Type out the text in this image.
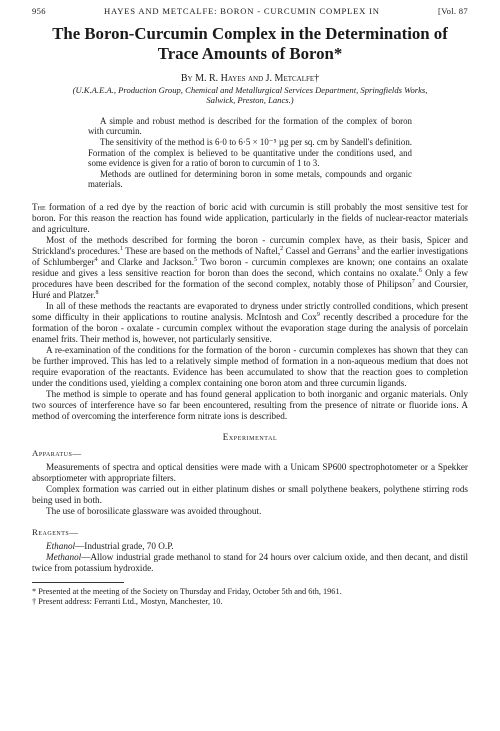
956	HAYES AND METCALFE: BORON - CURCUMIN COMPLEX IN	[Vol. 87
The Boron-Curcumin Complex in the Determination of
Trace Amounts of Boron*
By M. R. Hayes and J. Metcalfe†
(U.K.A.E.A., Production Group, Chemical and Metallurgical Services Department, Springfields Works,
Salwick, Preston, Lancs.)

A simple and robust method is described for the formation of the complex of boron with curcumin.

The sensitivity of the method is 6·0 to 6·5 × 10⁻⁵ µg per sq. cm by Sandell's definition. Formation of the complex is believed to be quantitative under the conditions used, and some evidence is given for a ratio of boron to curcumin of 1 to 3.

Methods are outlined for determining boron in some metals, compounds and organic materials.

The formation of a red dye by the reaction of boric acid with curcumin is still probably the most sensitive test for boron. For this reason the reaction has found wide application, particularly in the fields of nuclear-reactor materials and agriculture.

Most of the methods described for forming the boron - curcumin complex have, as their basis, Spicer and Strickland's procedures.$^1$ These are based on the methods of Naftel,$^2$ Cassel and Gerrans$^3$ and the earlier investigations of Schlumberger$^4$ and Clarke and Jackson.$^5$ Two boron - curcumin complexes are known; one contains an oxalate residue and gives a less sensitive reaction for boron than does the second, which contains no oxalate.$^6$ Only a few procedures have been described for the formation of the second complex, notably those of Philipson$^7$ and Coursier, Huré and Platzer.$^8$

In all of these methods the reactants are evaporated to dryness under strictly controlled conditions, which present some difficulty in their applications to routine analysis. McIntosh and Cox$^9$ recently described a procedure for the formation of the boron - oxalate - curcumin complex without the evaporation stage during the analysis of porcelain enamel frits. Their method is, however, not particularly sensitive.

A re-examination of the conditions for the formation of the boron - curcumin complexes has shown that they can be further improved. This has led to a relatively simple method of formation in a non-aqueous medium that does not require evaporation of the reactants. Evidence has been accumulated to show that the reaction goes to completion under the conditions used, yielding a complex containing one boron atom and three curcumin ligands.

The method is simple to operate and has found general application to both inorganic and organic materials. Only two sources of interference have so far been encountered, resulting from the presence of nitrate or fluoride ions. A method of overcoming the interference form nitrate ions is described.

Experimental
Apparatus—

Measurements of spectra and optical densities were made with a Unicam SP600 spectrophotometer or a Spekker absorptiometer with appropriate filters.

Complex formation was carried out in either platinum dishes or small polythene beakers, polythene stirring rods being used in both.

The use of borosilicate glassware was avoided throughout.

Reagents—

Ethanol—Industrial grade, 70 O.P.

Methanol—Allow industrial grade methanol to stand for 24 hours over calcium oxide, and then decant, and distil twice from potassium hydroxide.

* Presented at the meeting of the Society on Thursday and Friday, October 5th and 6th, 1961.

† Present address: Ferranti Ltd., Mostyn, Manchester, 10.
